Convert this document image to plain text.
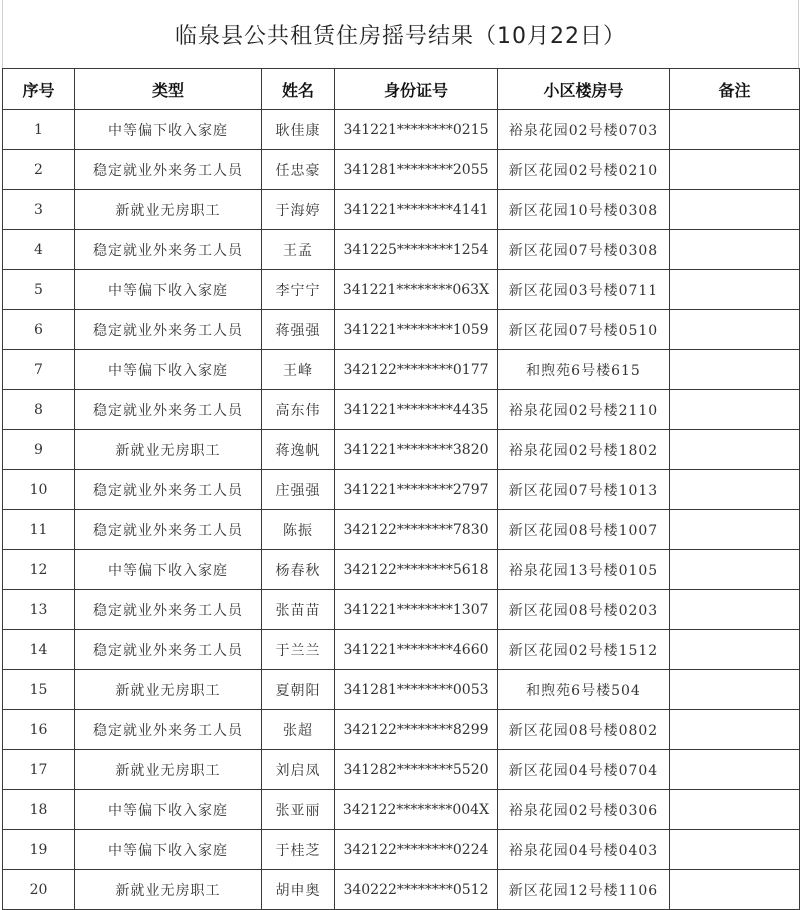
临泉县公共租赁住房摇号结果（10月22日）
序号	类型	姓名	身份证号	小区楼房号	备注
1	中等偏下收入家庭	耿佳康	341221********0215	裕泉花园02号楼0703	
2	稳定就业外来务工人员	任忠豪	341281********2055	新区花园02号楼0210	
3	新就业无房职工	于海婷	341221********4141	新区花园10号楼0308	
4	稳定就业外来务工人员	王孟	341225********1254	新区花园07号楼0308	
5	中等偏下收入家庭	李宁宁	341221********063X	新区花园03号楼0711	
6	稳定就业外来务工人员	蒋强强	341221********1059	新区花园07号楼0510	
7	中等偏下收入家庭	王峰	342122********0177	和煦苑6号楼615	
8	稳定就业外来务工人员	高东伟	341221********4435	裕泉花园02号楼2110	
9	新就业无房职工	蒋逸帆	341221********3820	裕泉花园02号楼1802	
10	稳定就业外来务工人员	庄强强	341221********2797	新区花园07号楼1013	
11	稳定就业外来务工人员	陈振	342122********7830	新区花园08号楼1007	
12	中等偏下收入家庭	杨春秋	342122********5618	裕泉花园13号楼0105	
13	稳定就业外来务工人员	张苗苗	341221********1307	新区花园08号楼0203	
14	稳定就业外来务工人员	于兰兰	341221********4660	新区花园02号楼1512	
15	新就业无房职工	夏朝阳	341281********0053	和煦苑6号楼504	
16	稳定就业外来务工人员	张超	342122********8299	新区花园08号楼0802	
17	新就业无房职工	刘启凤	341282********5520	新区花园04号楼0704	
18	中等偏下收入家庭	张亚丽	342122********004X	裕泉花园02号楼0306	
19	中等偏下收入家庭	于桂芝	342122********0224	裕泉花园04号楼0403	
20	新就业无房职工	胡申奥	340222********0512	新区花园12号楼1106	
